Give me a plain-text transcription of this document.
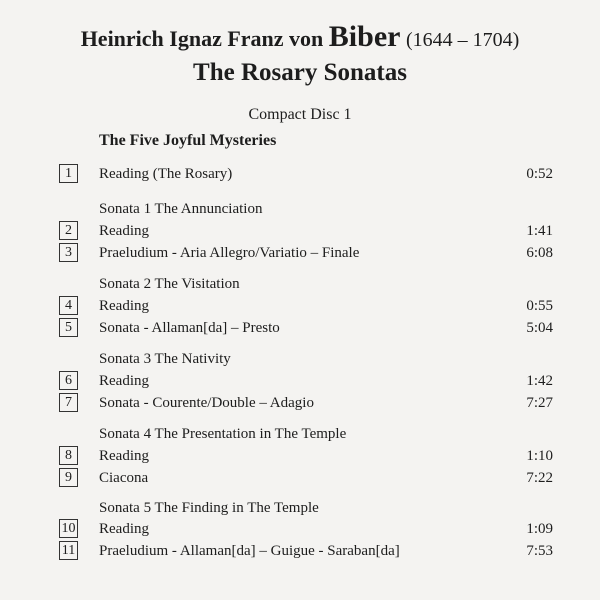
Heinrich Ignaz Franz von Biber (1644 – 1704)
The Rosary Sonatas
Compact Disc 1
The Five Joyful Mysteries
1	Reading (The Rosary)	0:52
Sonata 1 The Annunciation
2	Reading	1:41
3	Praeludium - Aria Allegro/Variatio – Finale	6:08
Sonata 2 The Visitation
4	Reading	0:55
5	Sonata - Allaman[da] – Presto	5:04
Sonata 3 The Nativity
6	Reading	1:42
7	Sonata - Courente/Double – Adagio	7:27
Sonata 4 The Presentation in The Temple
8	Reading	1:10
9	Ciacona	7:22
Sonata 5 The Finding in The Temple
10 Reading	1:09
11 Praeludium - Allaman[da] – Guigue - Saraban[da]	7:53
